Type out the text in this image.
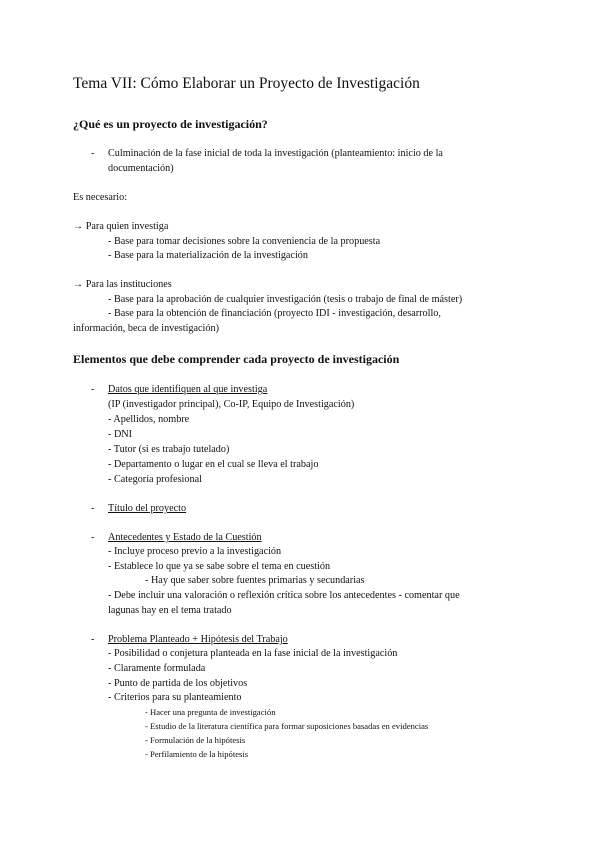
Tema VII: Cómo Elaborar un Proyecto de Investigación
¿Qué es un proyecto de investigación?
- Culminación de la fase inicial de toda la investigación (planteamiento: inicio de la
documentación)
Es necesario:
→ Para quien investiga
- Base para tomar decisiones sobre la conveniencia de la propuesta
- Base para la materialización de la investigación
→ Para las instituciones
- Base para la aprobación de cualquier investigación (tesis o trabajo de final de máster)
- Base para la obtención de financiación (proyecto IDI - investigación, desarrollo,
información, beca de investigación)
Elementos que debe comprender cada proyecto de investigación
- Datos que identifiquen al que investiga
(IP (investigador principal), Co-IP, Equipo de Investigación)
- Apellidos, nombre
- DNI
- Tutor (si es trabajo tutelado)
- Departamento o lugar en el cual se lleva el trabajo
- Categoría profesional
- Título del proyecto
- Antecedentes y Estado de la Cuestión
- Incluye proceso previo a la investigación
- Establece lo que ya se sabe sobre el tema en cuestión
- Hay que saber sobre fuentes primarias y secundarias
- Debe incluir una valoración o reflexión crítica sobre los antecedentes - comentar que
lagunas hay en el tema tratado
- Problema Planteado + Hipótesis del Trabajo
- Posibilidad o conjetura planteada en la fase inicial de la investigación
- Claramente formulada
- Punto de partida de los objetivos
- Criterios para su planteamiento
- Hacer una pregunta de investigación
- Estudio de la literatura científica para formar suposiciones basadas en evidencias
- Formulación de la hipótesis
- Perfilamiento de la hipótesis
